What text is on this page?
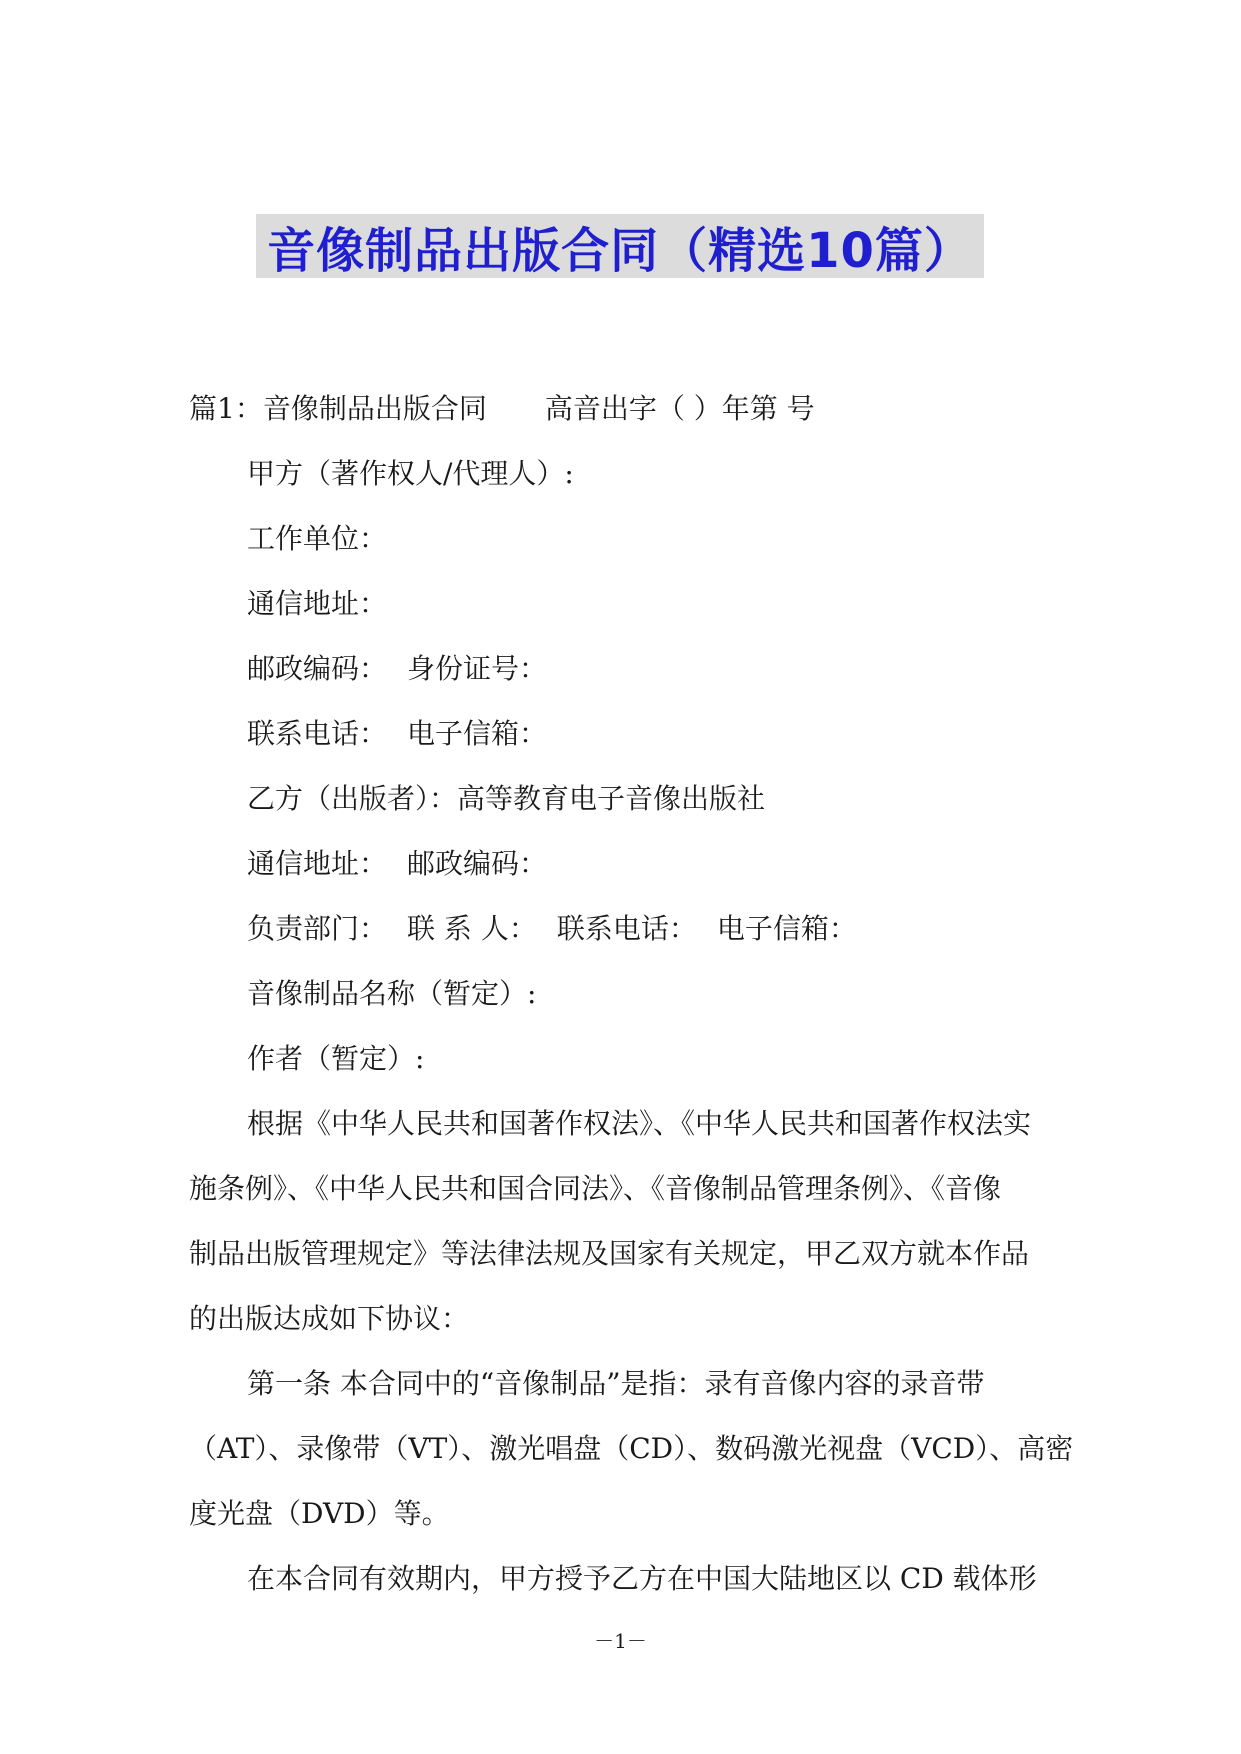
音像制品出版合同（精选10篇）
篇1：音像制品出版合同 高音出字（ ）年第 号
甲方（著作权人/代理人）:
工作单位：
通信地址：
邮政编码： 身份证号：
联系电话： 电子信箱：
乙方（出版者）：高等教育电子音像出版社
通信地址： 邮政编码：
负责部门： 联 系 人： 联系电话： 电子信箱：
音像制品名称（暂定）:
作者（暂定）:
根据《中华人民共和国著作权法》、《中华人民共和国著作权法实
施条例》、《中华人民共和国合同法》、《音像制品管理条例》、《音像
制品出版管理规定》等法律法规及国家有关规定，甲乙双方就本作品
的出版达成如下协议：
第一条 本合同中的“音像制品”是指：录有音像内容的录音带
（AT）、录像带（VT）、激光唱盘（CD）、数码激光视盘（VCD）、高密
度光盘（DVD）等。
在本合同有效期内，甲方授予乙方在中国大陆地区以 CD 载体形
－1－
